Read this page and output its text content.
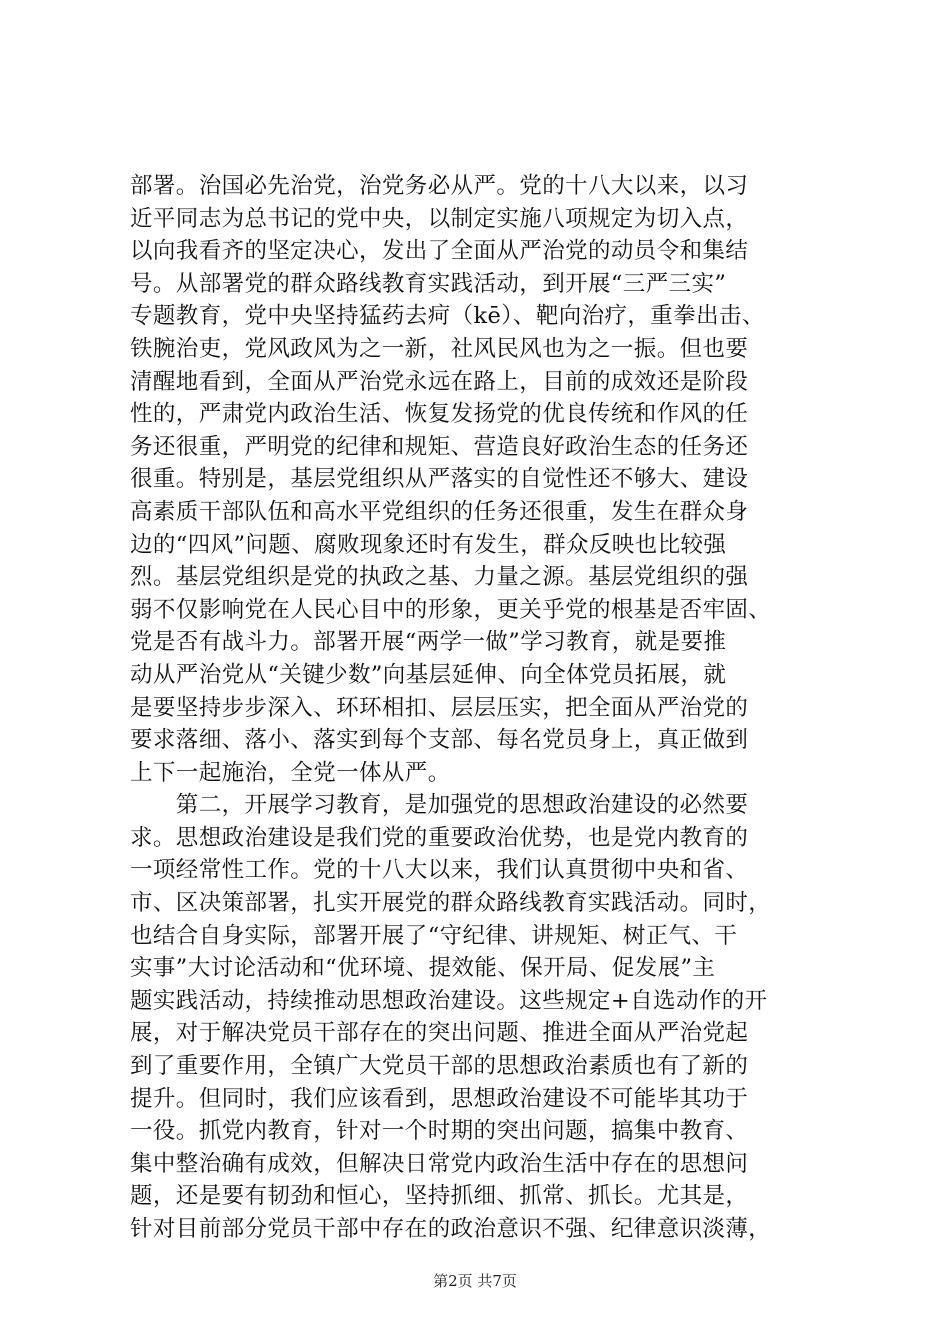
部署。治国必先治党，治党务必从严。党的十八大以来，以习
近平同志为总书记的党中央，以制定实施八项规定为切入点，
以向我看齐的坚定决心，发出了全面从严治党的动员令和集结
号。从部署党的群众路线教育实践活动，到开展“三严三实”
专题教育，党中央坚持猛药去疴（kē）、靶向治疗，重拳出击、
铁腕治吏，党风政风为之一新，社风民风也为之一振。但也要
清醒地看到，全面从严治党永远在路上，目前的成效还是阶段
性的，严肃党内政治生活、恢复发扬党的优良传统和作风的任
务还很重，严明党的纪律和规矩、营造良好政治生态的任务还
很重。特别是，基层党组织从严落实的自觉性还不够大、建设
高素质干部队伍和高水平党组织的任务还很重，发生在群众身
边的“四风”问题、腐败现象还时有发生，群众反映也比较强
烈。基层党组织是党的执政之基、力量之源。基层党组织的强
弱不仅影响党在人民心目中的形象，更关乎党的根基是否牢固、
党是否有战斗力。部署开展“两学一做”学习教育，就是要推
动从严治党从“关键少数”向基层延伸、向全体党员拓展，就
是要坚持步步深入、环环相扣、层层压实，把全面从严治党的
要求落细、落小、落实到每个支部、每名党员身上，真正做到
上下一起施治，全党一体从严。
　　第二，开展学习教育，是加强党的思想政治建设的必然要
求。思想政治建设是我们党的重要政治优势，也是党内教育的
一项经常性工作。党的十八大以来，我们认真贯彻中央和省、
市、区决策部署，扎实开展党的群众路线教育实践活动。同时，
也结合自身实际，部署开展了“守纪律、讲规矩、树正气、干
实事”大讨论活动和“优环境、提效能、保开局、促发展”主
题实践活动，持续推动思想政治建设。这些规定+自选动作的开
展，对于解决党员干部存在的突出问题、推进全面从严治党起
到了重要作用，全镇广大党员干部的思想政治素质也有了新的
提升。但同时，我们应该看到，思想政治建设不可能毕其功于
一役。抓党内教育，针对一个时期的突出问题，搞集中教育、
集中整治确有成效，但解决日常党内政治生活中存在的思想问
题，还是要有韧劲和恒心，坚持抓细、抓常、抓长。尤其是，
针对目前部分党员干部中存在的政治意识不强、纪律意识淡薄，
第2页 共7页
